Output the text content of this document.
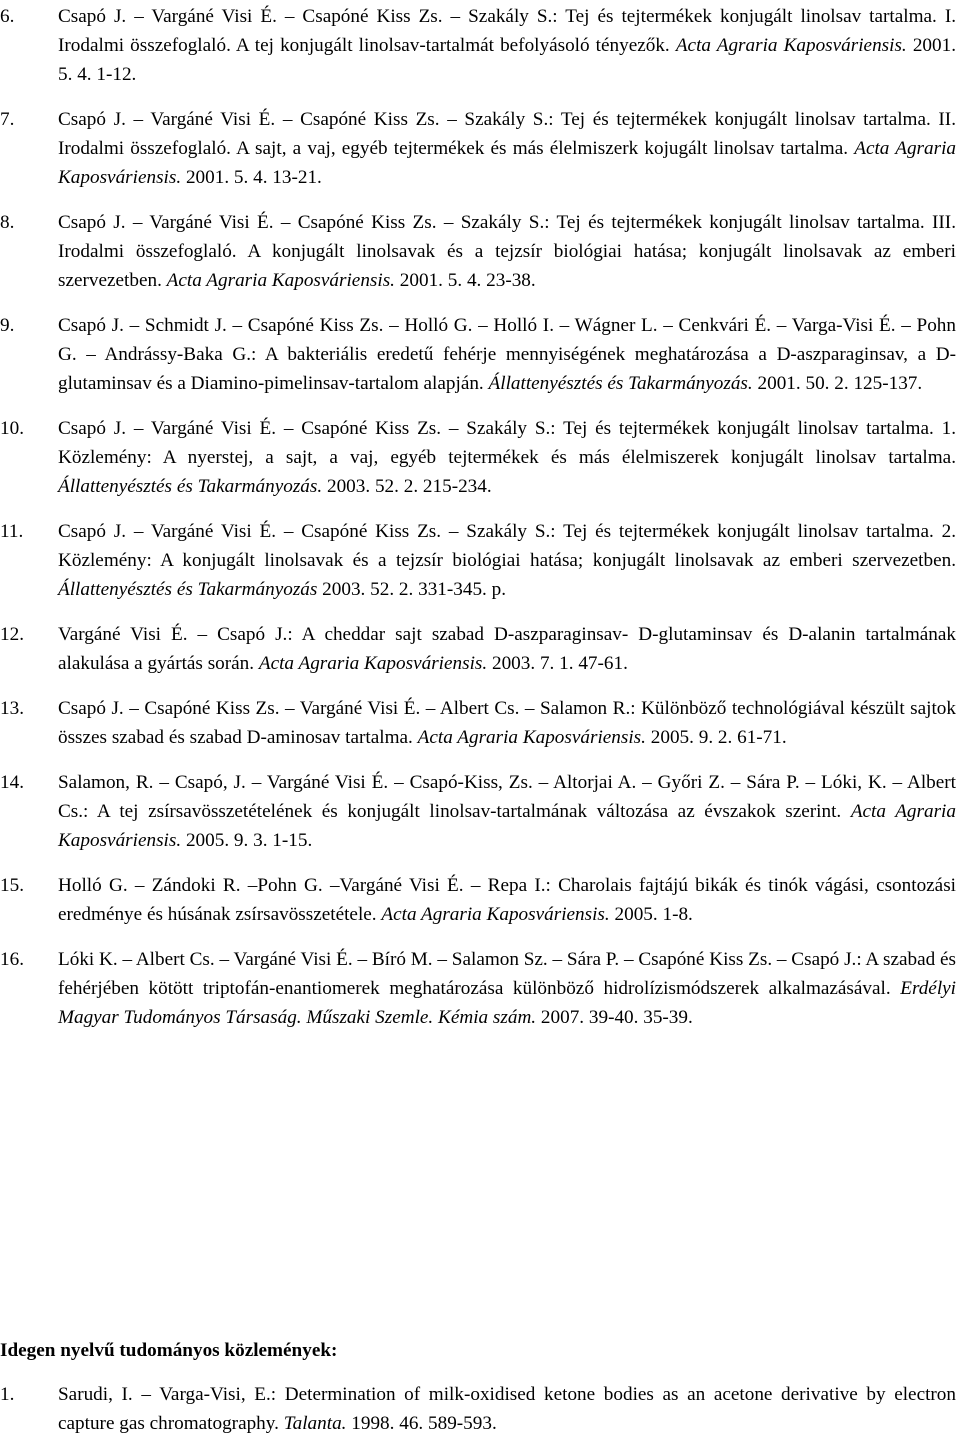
6.	Csapó J. – Vargáné Visi É. – Csapóné Kiss Zs. – Szakály S.: Tej és tejtermékek konjugált linolsav tartalma. I. Irodalmi összefoglaló. A tej konjugált linolsav-tartalmát befolyásoló tényezők. Acta Agraria Kaposváriensis. 2001. 5. 4. 1-12.
7.	Csapó J. – Vargáné Visi É. – Csapóné Kiss Zs. – Szakály S.: Tej és tejtermékek konjugált linolsav tartalma. II. Irodalmi összefoglaló. A sajt, a vaj, egyéb tejtermékek és más élelmiszerk kojugált linolsav tartalma. Acta Agraria Kaposváriensis. 2001. 5. 4. 13-21.
8.	Csapó J. – Vargáné Visi É. – Csapóné Kiss Zs. – Szakály S.: Tej és tejtermékek konjugált linolsav tartalma. III. Irodalmi összefoglaló. A konjugált linolsavak és a tejzsír biológiai hatása; konjugált linolsavak az emberi szervezetben. Acta Agraria Kaposváriensis. 2001. 5. 4. 23-38.
9.	Csapó J. – Schmidt J. – Csapóné Kiss Zs. – Holló G. – Holló I. – Wágner L. – Cenkvári É. – Varga-Visi É. – Pohn G. – Andrássy-Baka G.: A bakteriális eredetű fehérje mennyiségének meghatározása a D-aszparaginsav, a D-glutaminsav és a Diamino-pimelinsav-tartalom alapján. Állattenyésztés és Takarmányozás. 2001. 50. 2. 125-137.
10.	Csapó J. – Vargáné Visi É. – Csapóné Kiss Zs. – Szakály S.: Tej és tejtermékek konjugált linolsav tartalma. 1. Közlemény: A nyerstej, a sajt, a vaj, egyéb tejtermékek és más élelmiszerek konjugált linolsav tartalma. Állattenyésztés és Takarmányozás. 2003. 52. 2. 215-234.
11.	Csapó J. – Vargáné Visi É. – Csapóné Kiss Zs. – Szakály S.: Tej és tejtermékek konjugált linolsav tartalma. 2. Közlemény: A konjugált linolsavak és a tejzsír biológiai hatása; konjugált linolsavak az emberi szervezetben. Állattenyésztés és Takarmányozás 2003. 52. 2. 331-345. p.
12.	Vargáné Visi É. – Csapó J.: A cheddar sajt szabad D-aszparaginsav- D-glutaminsav és D-alanin tartalmának alakulása a gyártás során. Acta Agraria Kaposváriensis. 2003. 7. 1. 47-61.
13.	Csapó J. – Csapóné Kiss Zs. – Vargáné Visi É. – Albert Cs. – Salamon R.: Különböző technológiával készült sajtok összes szabad és szabad D-aminosav tartalma. Acta Agraria Kaposváriensis. 2005. 9. 2. 61-71.
14.	Salamon, R. – Csapó, J. – Vargáné Visi É. – Csapó-Kiss, Zs. – Altorjai A. – Győri Z. – Sára P. – Lóki, K. – Albert Cs.: A tej zsírsavösszetételének és konjugált linolsav-tartalmának változása az évszakok szerint. Acta Agraria Kaposváriensis. 2005. 9. 3. 1-15.
15.	Holló G. – Zándoki R. –Pohn G. –Vargáné Visi É. – Repa I.: Charolais fajtájú bikák és tinók vágási, csontozási eredménye és húsának zsírsavösszetétele. Acta Agraria Kaposváriensis. 2005. 1-8.
16.	Lóki K. – Albert Cs. – Vargáné Visi É. – Bíró M. – Salamon Sz. – Sára P. – Csapóné Kiss Zs. – Csapó J.: A szabad és fehérjében kötött triptofán-enantiomerek meghatározása különböző hidrolízismódszerek alkalmazásával. Erdélyi Magyar Tudományos Társaság. Műszaki Szemle. Kémia szám. 2007. 39-40. 35-39.
Idegen nyelvű tudományos közlemények:
1.	Sarudi, I. – Varga-Visi, E.: Determination of milk-oxidised ketone bodies as an acetone derivative by electron capture gas chromatography. Talanta. 1998. 46. 589-593.
